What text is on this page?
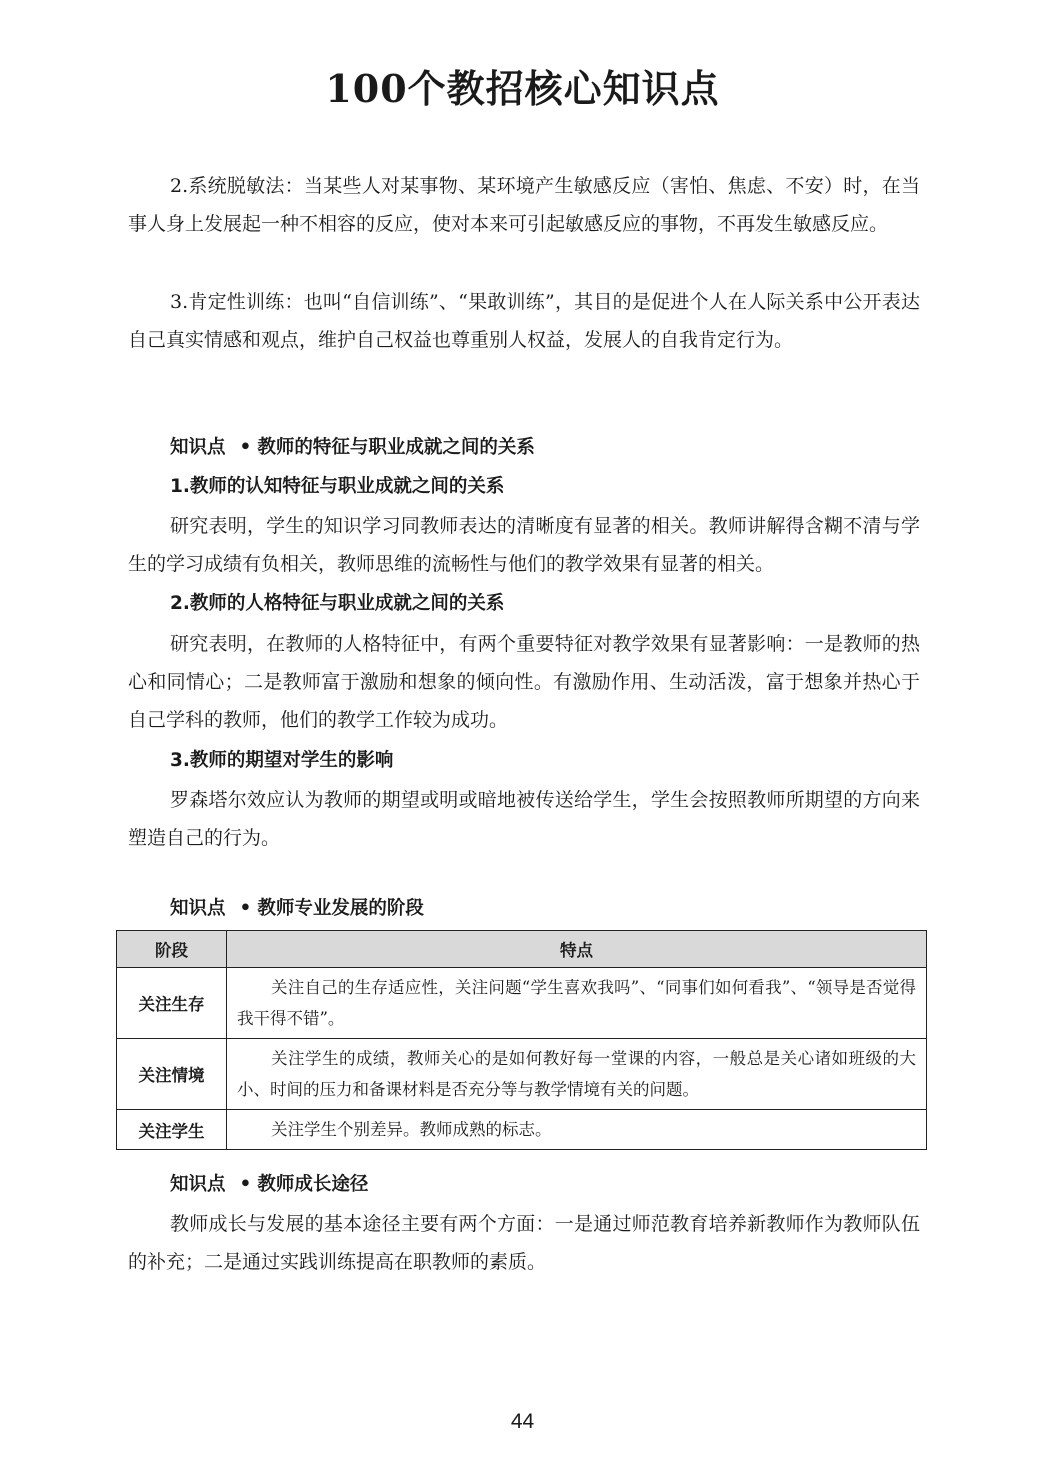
100个教招核心知识点

2.系统脱敏法：当某些人对某事物、某环境产生敏感反应（害怕、焦虑、不安）时，在当事人身上发展起一种不相容的反应，使对本来可引起敏感反应的事物，不再发生敏感反应。

3.肯定性训练：也叫“自信训练”、“果敢训练”，其目的是促进个人在人际关系中公开表达自己真实情感和观点，维护自己权益也尊重别人权益，发展人的自我肯定行为。

知识点 • 教师的特征与职业成就之间的关系
1.教师的认知特征与职业成就之间的关系

研究表明，学生的知识学习同教师表达的清晰度有显著的相关。教师讲解得含糊不清与学生的学习成绩有负相关，教师思维的流畅性与他们的教学效果有显著的相关。

2.教师的人格特征与职业成就之间的关系

研究表明，在教师的人格特征中，有两个重要特征对教学效果有显著影响：一是教师的热心和同情心；二是教师富于激励和想象的倾向性。有激励作用、生动活泼，富于想象并热心于自己学科的教师，他们的教学工作较为成功。

3.教师的期望对学生的影响

罗森塔尔效应认为教师的期望或明或暗地被传送给学生，学生会按照教师所期望的方向来塑造自己的行为。

知识点 • 教师专业发展的阶段
阶段	特点
关注生存	关注自己的生存适应性，关注问题“学生喜欢我吗”、“同事们如何看我”、“领导是否觉得我干得不错”。
关注情境	关注学生的成绩，教师关心的是如何教好每一堂课的内容，一般总是关心诸如班级的大小、时间的压力和备课材料是否充分等与教学情境有关的问题。
关注学生	关注学生个别差异。教师成熟的标志。
知识点 • 教师成长途径

教师成长与发展的基本途径主要有两个方面：一是通过师范教育培养新教师作为教师队伍的补充；二是通过实践训练提高在职教师的素质。

44
